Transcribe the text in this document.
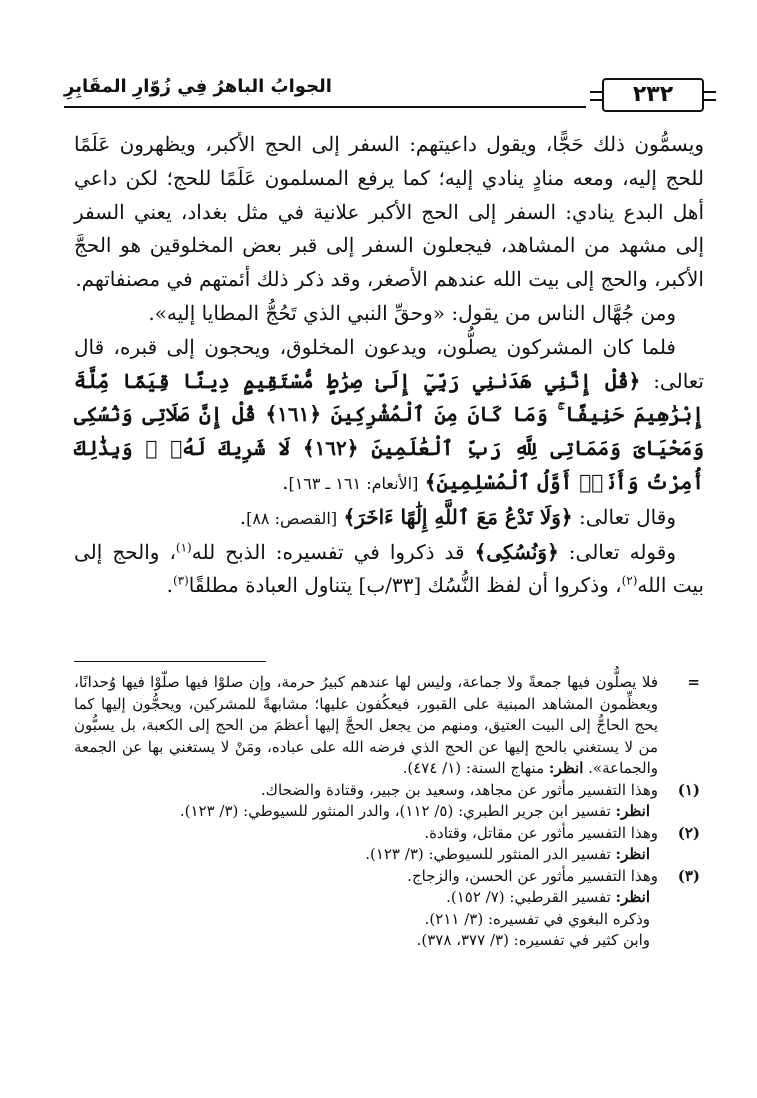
٢٣٢
الجوابُ الباهرُ فِي زُوّارِ المقَابِرِ

ويسمُّون ذلك حَجًّا، ويقول داعيتهم: السفر إلى الحج الأكبر، ويظهرون عَلَمًا للحج إليه، ومعه منادٍ ينادي إليه؛ كما يرفع المسلمون عَلَمًا للحج؛ لكن داعي أهل البدع ينادي: السفر إلى الحج الأكبر علانية في مثل بغداد، يعني السفر إلى مشهد من المشاهد، فيجعلون السفر إلى قبر بعض المخلوقين هو الحجَّ الأكبر، والحج إلى بيت الله عندهم الأصغر، وقد ذكر ذلك أئمتهم في مصنفاتهم.

ومن جُهَّال الناس من يقول: «وحقِّ النبي الذي تَحُجُّ المطايا إليه».

فلما كان المشركون يصلُّون، ويدعون المخلوق، ويحجون إلى قبره، قال تعالى: ﴿قُلْ إِنَّنِي هَدَىٰنِي رَبِّيٓ إِلَىٰ صِرَٰطٍ مُّسْتَقِيمٍ دِينًا قِيَمًا مِّلَّةَ إِبْرَٰهِيمَ حَنِيفًا ۚ وَمَا كَانَ مِنَ ٱلْمُشْرِكِينَ ﴿١٦١﴾ قُلْ إِنَّ صَلَاتِى وَنُسُكِى وَمَحْيَاىَ وَمَمَاتِى لِلَّهِ رَبِّ ٱلْعَٰلَمِينَ ﴿١٦٢﴾ لَا شَرِيكَ لَهُۥ ۖ وَبِذَٰلِكَ أُمِرْتُ وَأَنَا۠ أَوَّلُ ٱلْمُسْلِمِينَ﴾ [الأنعام: ١٦١ ـ ١٦٣].

وقال تعالى: ﴿وَلَا تَدْعُ مَعَ ٱللَّهِ إِلَٰهًا ءَاخَرَ﴾ [القصص: ٨٨].

وقوله تعالى: ﴿وَنُسُكِى﴾ قد ذكروا في تفسيره: الذبح لله$^{(١)}$، والحج إلى بيت الله$^{(٢)}$، وذكروا أن لفظ النُّسُك [٣٣/ب] يتناول العبادة مطلقًا$^{(٣)}$.

=

فلا يصلُّون فيها جمعةً ولا جماعة، وليس لها عندهم كبيرُ حرمة، وإن صلوْا فيها صلّوْا فيها وُحدانًا، ويعظِّمون المشاهد المبنية على القبور، فيعكُفون عليها؛ مشابهةً للمشركين، ويحجُّون إليها كما يحج الحاجُّ إلى البيت العتيق، ومنهم من يجعل الحجَّ إليها أعظمَ من الحج إلى الكعبة، بل يسبُّون من لا يستغني بالحج إليها عن الحج الذي فرضه الله على عباده، ومَنْ لا يستغني بها عن الجمعة والجماعة». انظر: منهاج السنة: (١/ ٤٧٤).

(١)

وهذا التفسير مأثور عن مجاهد، وسعيد بن جبير، وقتادة والضحاك.

انظر: تفسير ابن جرير الطبري: (٥/ ١١٢)، والدر المنثور للسيوطي: (٣/ ١٢٣).

(٢)

وهذا التفسير مأثور عن مقاتل، وقتادة.

انظر: تفسير الدر المنثور للسيوطي: (٣/ ١٢٣).

(٣)

وهذا التفسير مأثور عن الحسن، والزجاج.

انظر: تفسير القرطبي: (٧/ ١٥٢).

وذكره البغوي في تفسيره: (٣/ ٢١١).

وابن كثير في تفسيره: (٣/ ٣٧٧، ٣٧٨).
